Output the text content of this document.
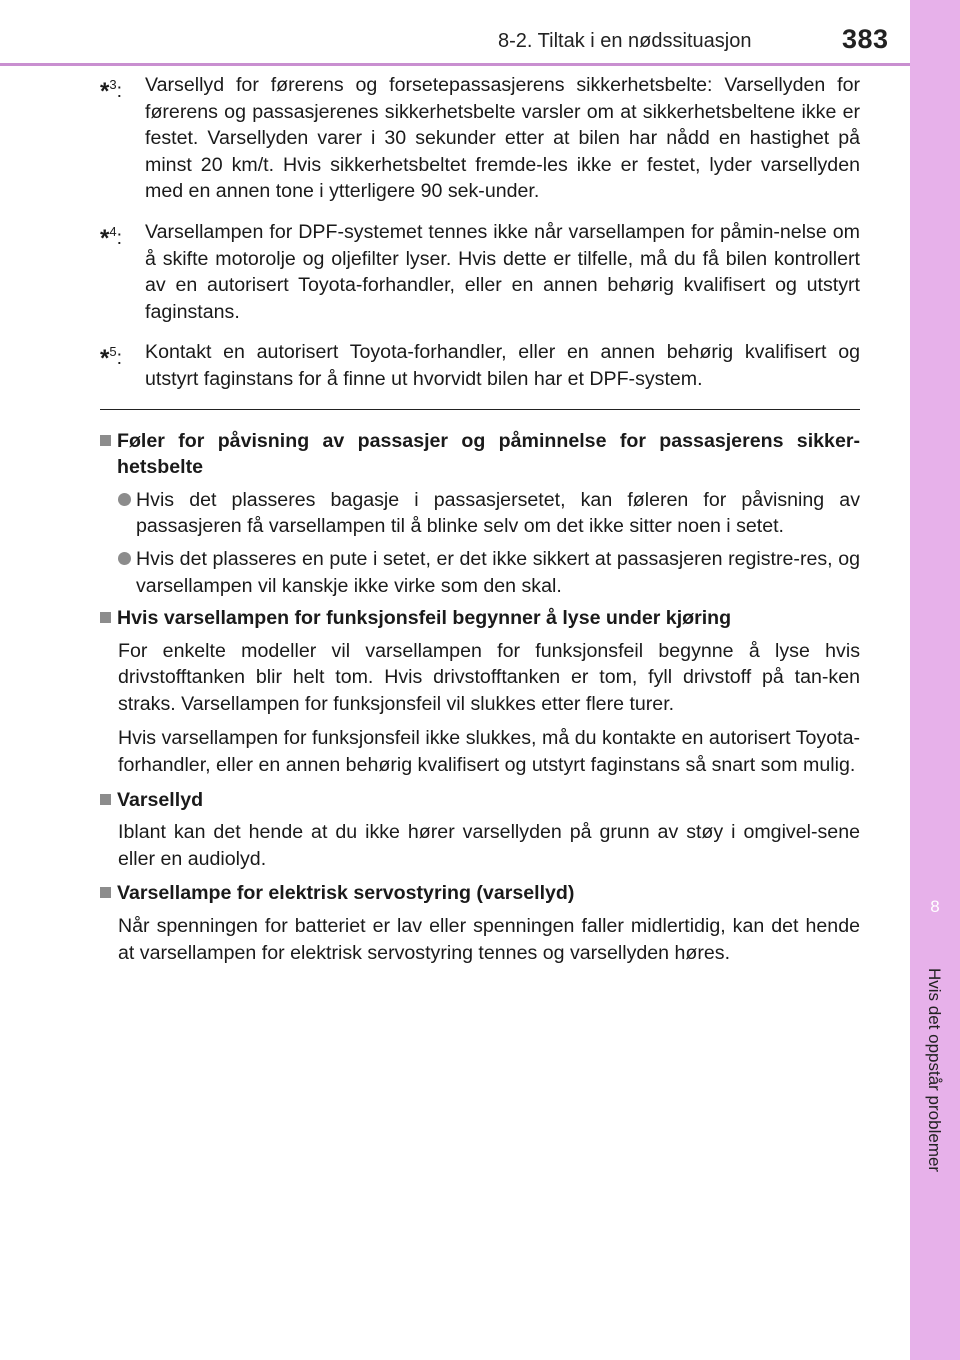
8-2. Tiltak i en nødssituasjon	383
8
Hvis det oppstår problemer
*$^3$:	Varsellyd for førerens og forsetepassasjerens sikkerhetsbelte: Varsellyden for førerens og passasjerenes sikkerhetsbelte varsler om at sikkerhetsbeltene ikke er festet. Varsellyden varer i 30 sekunder etter at bilen har nådd en hastighet på minst 20 km/t. Hvis sikkerhetsbeltet fremde-les ikke er festet, lyder varsellyden med en annen tone i ytterligere 90 sek-under.
*$^4$:	Varsellampen for DPF-systemet tennes ikke når varsellampen for påmin-nelse om å skifte motorolje og oljefilter lyser. Hvis dette er tilfelle, må du få bilen kontrollert av en autorisert Toyota-forhandler, eller en annen behørig kvalifisert og utstyrt faginstans.
*$^5$:	Kontakt en autorisert Toyota-forhandler, eller en annen behørig kvalifisert og utstyrt faginstans for å finne ut hvorvidt bilen har et DPF-system.
Føler for påvisning av passasjer og påminnelse for passasjerens sikker-hetsbelte
Hvis det plasseres bagasje i passasjersetet, kan føleren for påvisning av passasjeren få varsellampen til å blinke selv om det ikke sitter noen i setet.
Hvis det plasseres en pute i setet, er det ikke sikkert at passasjeren registre-res, og varsellampen vil kanskje ikke virke som den skal.
Hvis varsellampen for funksjonsfeil begynner å lyse under kjøring
For enkelte modeller vil varsellampen for funksjonsfeil begynne å lyse hvis drivstofftanken blir helt tom. Hvis drivstofftanken er tom, fyll drivstoff på tan-ken straks. Varsellampen for funksjonsfeil vil slukkes etter flere turer.
Hvis varsellampen for funksjonsfeil ikke slukkes, må du kontakte en autorisert Toyota-forhandler, eller en annen behørig kvalifisert og utstyrt faginstans så snart som mulig.
Varsellyd
Iblant kan det hende at du ikke hører varsellyden på grunn av støy i omgivel-sene eller en audiolyd.
Varsellampe for elektrisk servostyring (varsellyd)
Når spenningen for batteriet er lav eller spenningen faller midlertidig, kan det hende at varsellampen for elektrisk servostyring tennes og varsellyden høres.
